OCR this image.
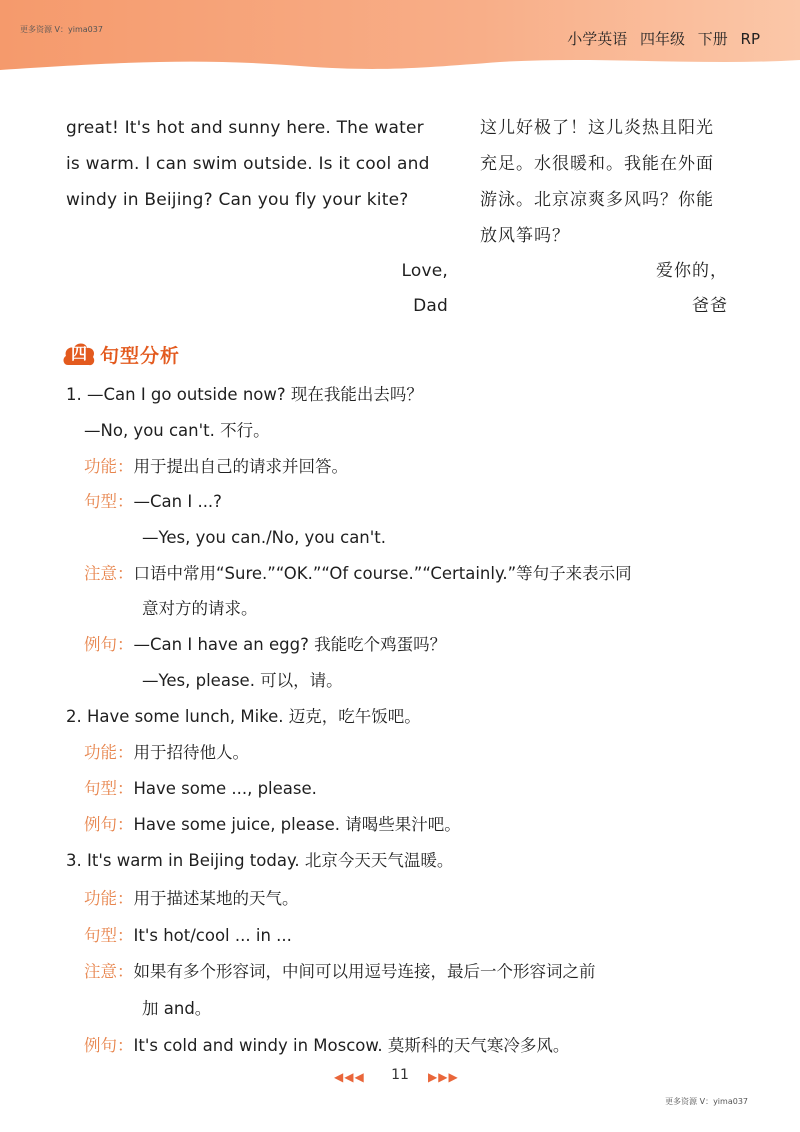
更多资源 V：yima037
小学英语 四年级 下册 RP
great! It's hot and sunny here. The water
is warm. I can swim outside. Is it cool and
windy in Beijing? Can you fly your kite?
这儿好极了！这儿炎热且阳光
充足。水很暖和。我能在外面
游泳。北京凉爽多风吗？你能
放风筝吗？
Love,
Dad
爱你的，
爸爸
四 句型分析
1. —Can I go outside now? 现在我能出去吗？
—No, you can't. 不行。
功能：用于提出自己的请求并回答。
句型：—Can I ...?
—Yes, you can./No, you can't.
注意：口语中常用“Sure.”“OK.”“Of course.”“Certainly.”等句子来表示同
意对方的请求。
例句：—Can I have an egg? 我能吃个鸡蛋吗？
—Yes, please. 可以，请。
2. Have some lunch, Mike. 迈克，吃午饭吧。
功能：用于招待他人。
句型：Have some ..., please.
例句：Have some juice, please. 请喝些果汁吧。
3. It's warm in Beijing today. 北京今天天气温暖。
功能：用于描述某地的天气。
句型：It's hot/cool ... in ...
注意：如果有多个形容词，中间可以用逗号连接，最后一个形容词之前
加 and。
例句：It's cold and windy in Moscow. 莫斯科的天气寒冷多风。
◀◀◀ 11 ▶▶▶
更多资源 V：yima037
